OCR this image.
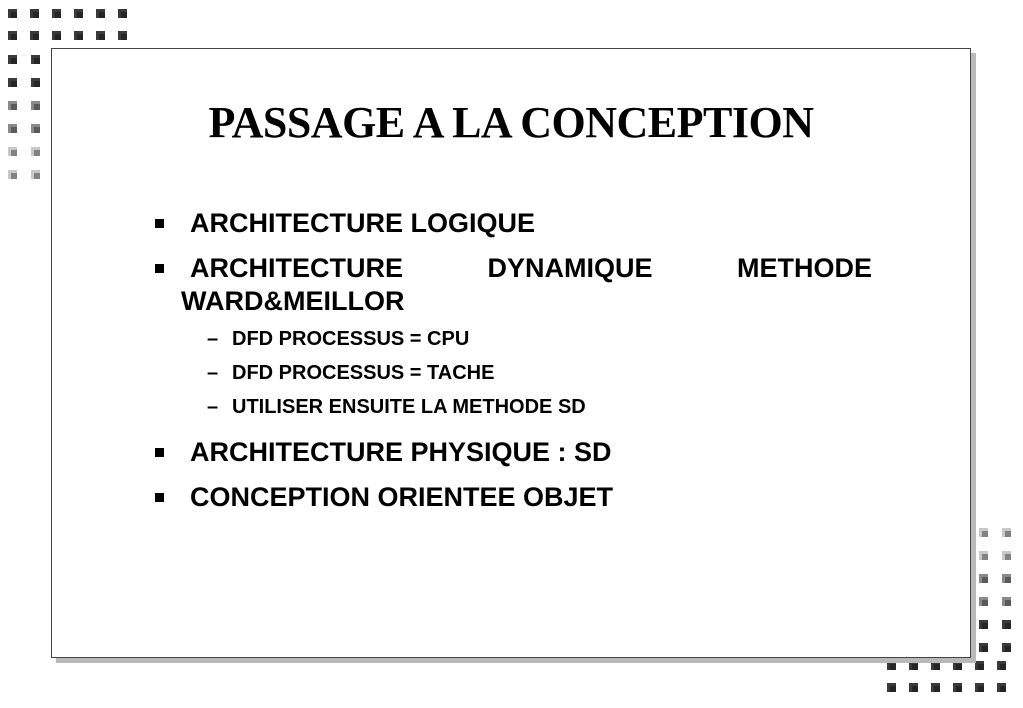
PASSAGE A LA CONCEPTION
ARCHITECTURE LOGIQUE
ARCHITECTURE	DYNAMIQUE	METHODE
WARD&MEILLOR
– DFD PROCESSUS = CPU
– DFD PROCESSUS = TACHE
– UTILISER ENSUITE LA METHODE SD
ARCHITECTURE PHYSIQUE : SD
CONCEPTION ORIENTEE OBJET
